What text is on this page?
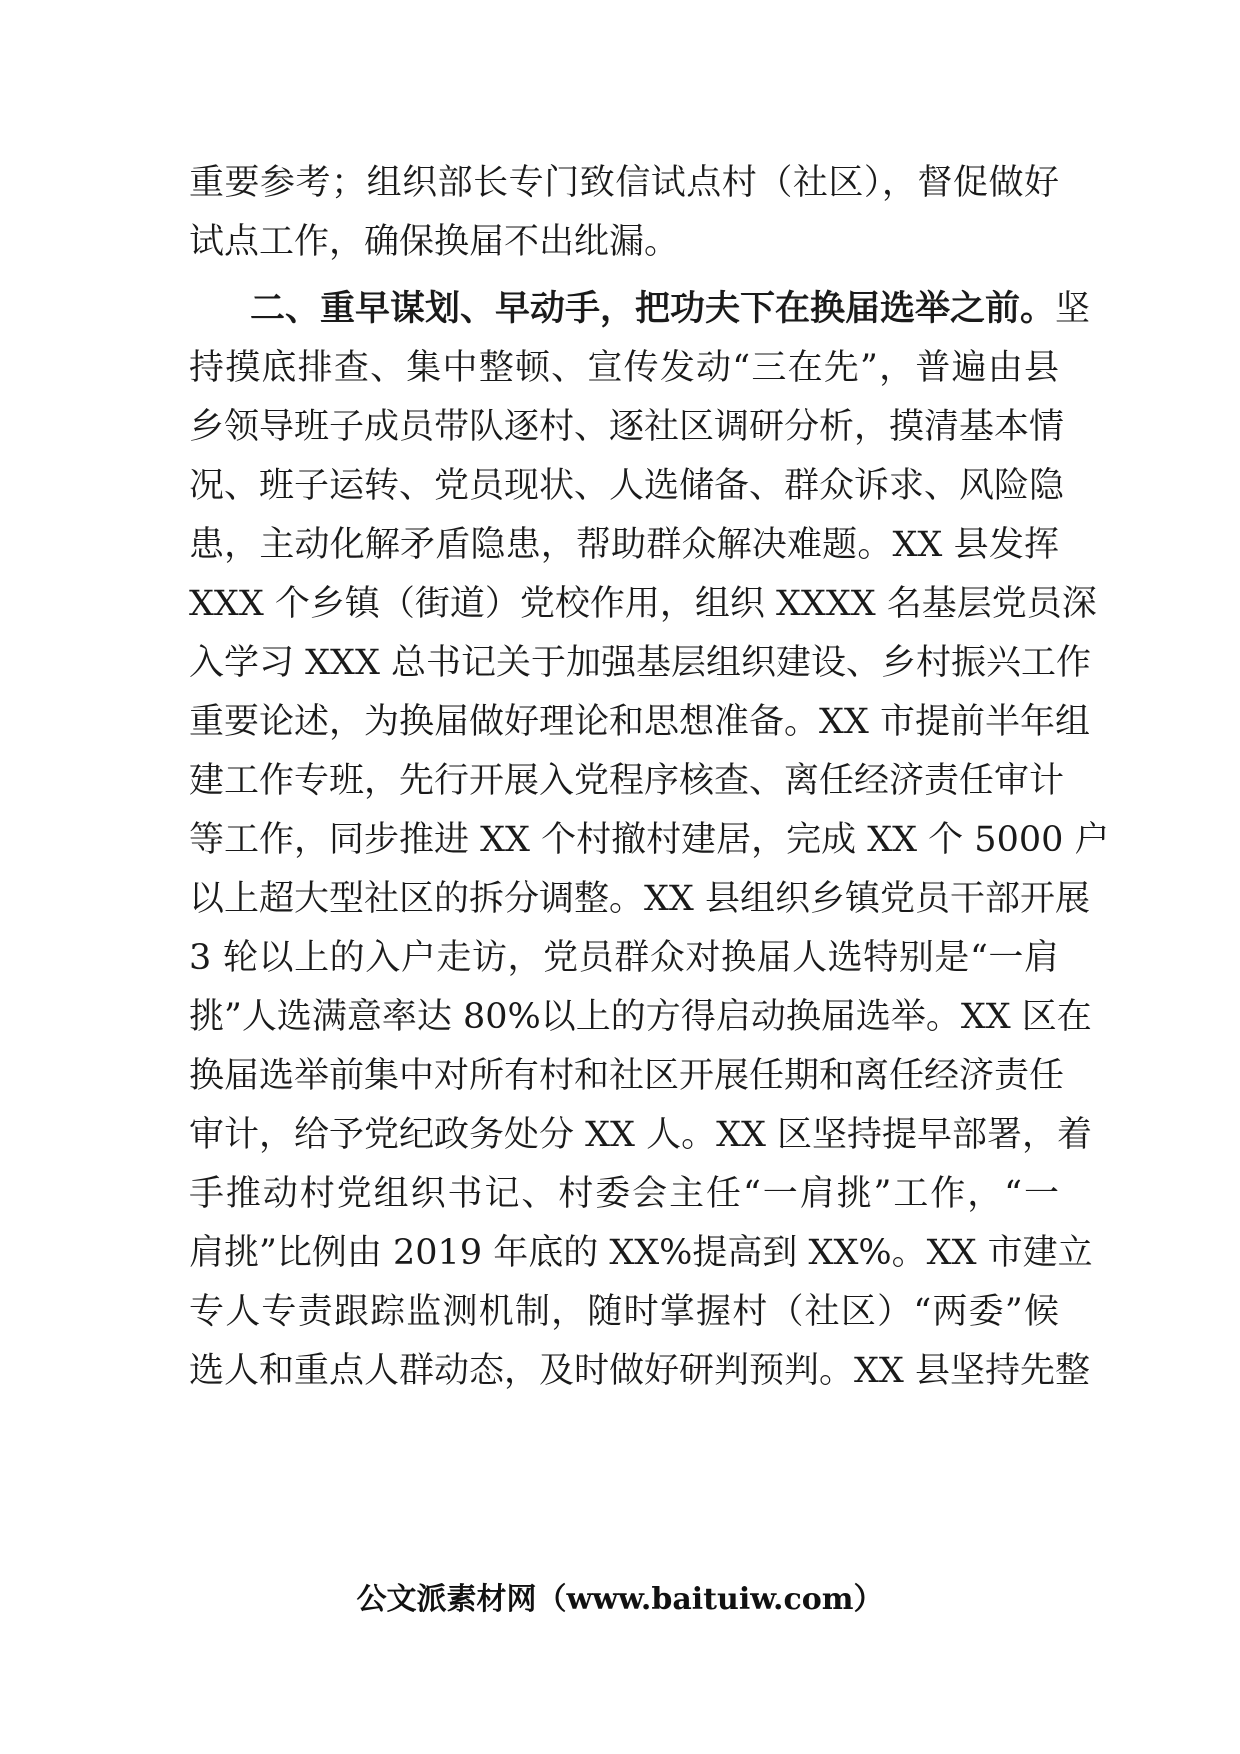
重要参考；组织部长专门致信试点村（社区），督促做好
试点工作，确保换届不出纰漏。
二、重早谋划、早动手，把功夫下在换届选举之前。坚
持摸底排查、集中整顿、宣传发动“三在先”，普遍由县
乡领导班子成员带队逐村、逐社区调研分析，摸清基本情
况、班子运转、党员现状、人选储备、群众诉求、风险隐
患，主动化解矛盾隐患，帮助群众解决难题。XX 县发挥
XXX 个乡镇（街道）党校作用，组织 XXXX 名基层党员深
入学习 XXX 总书记关于加强基层组织建设、乡村振兴工作
重要论述，为换届做好理论和思想准备。XX 市提前半年组
建工作专班，先行开展入党程序核查、离任经济责任审计
等工作，同步推进 XX 个村撤村建居，完成 XX 个 5000 户
以上超大型社区的拆分调整。XX 县组织乡镇党员干部开展
3 轮以上的入户走访，党员群众对换届人选特别是“一肩
挑”人选满意率达 80%以上的方得启动换届选举。XX 区在
换届选举前集中对所有村和社区开展任期和离任经济责任
审计，给予党纪政务处分 XX 人。XX 区坚持提早部署，着
手推动村党组织书记、村委会主任“一肩挑”工作，“一
肩挑”比例由 2019 年底的 XX%提高到 XX%。XX 市建立
专人专责跟踪监测机制，随时掌握村（社区）“两委”候
选人和重点人群动态，及时做好研判预判。XX 县坚持先整
公文派素材网（www.baituiw.com）
